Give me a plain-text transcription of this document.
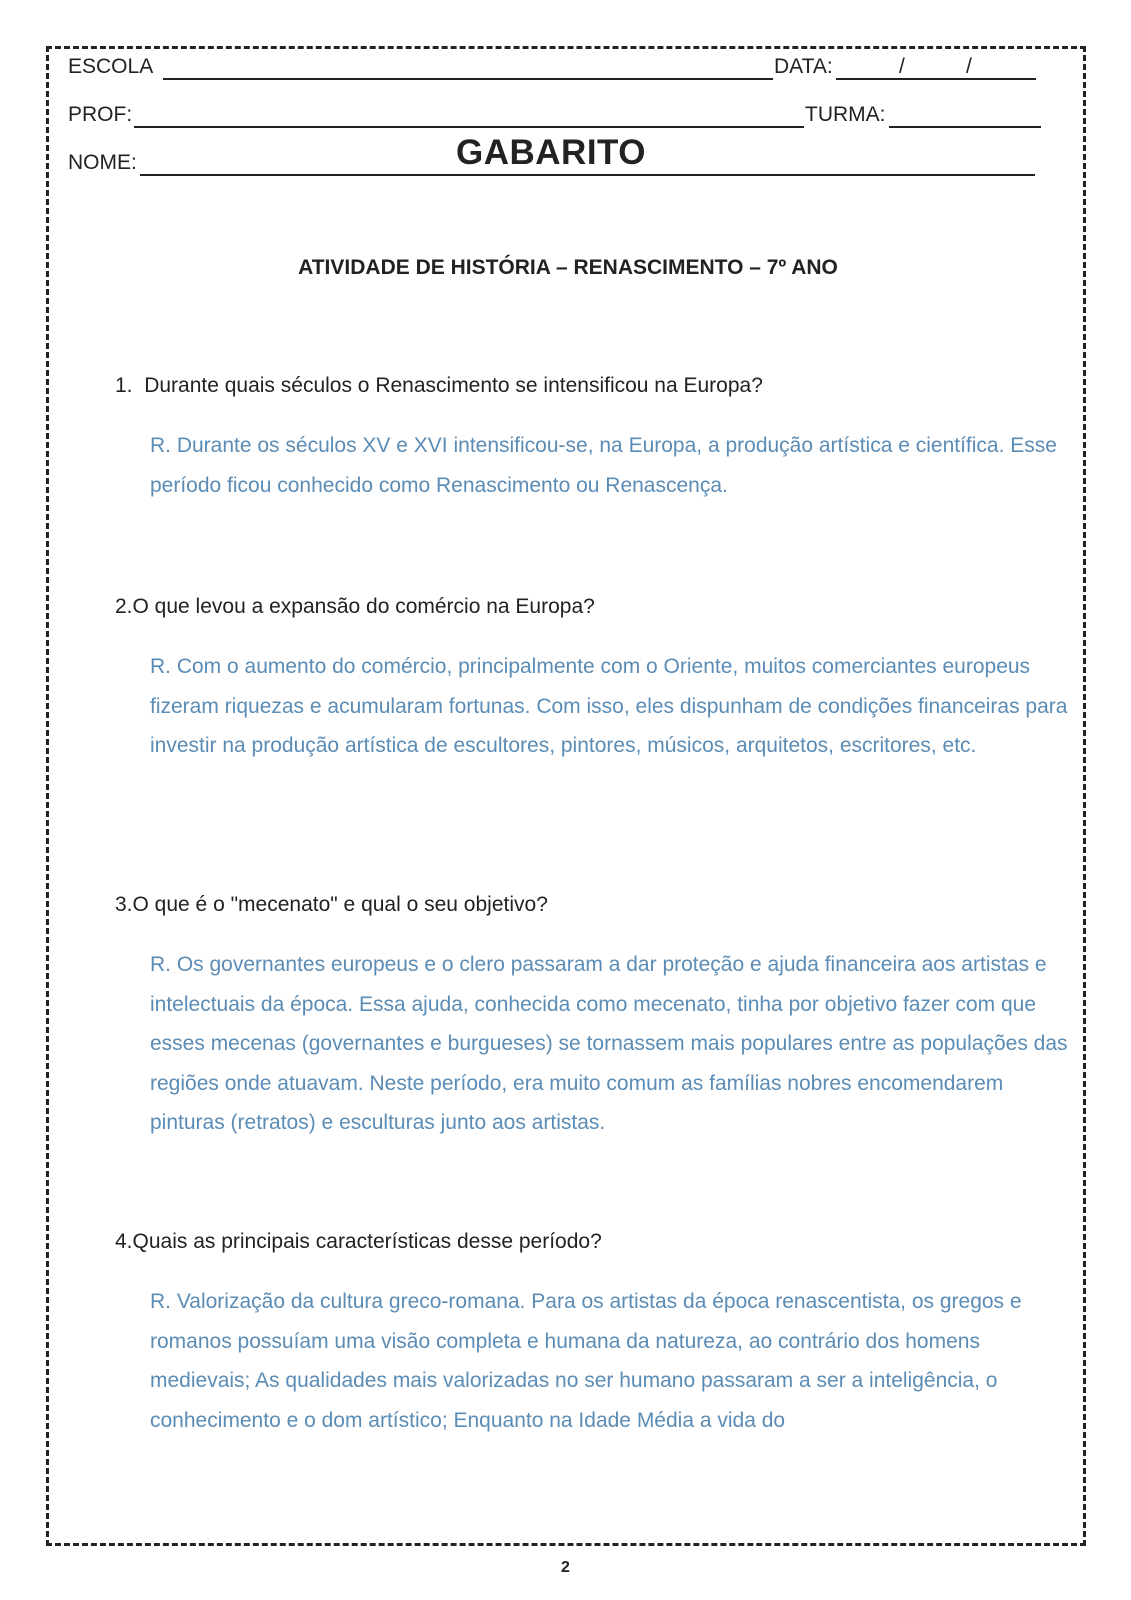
ESCOLA	DATA:	/	/
PROF:	TURMA:
NOME:	GABARITO
ATIVIDADE DE HISTÓRIA – RENASCIMENTO – 7º ANO
1. Durante quais séculos o Renascimento se intensificou na Europa?
R. Durante os séculos XV e XVI intensificou-se, na Europa, a produção artística e científica. Esse período ficou conhecido como Renascimento ou Renascença.
2.O que levou a expansão do comércio na Europa?
R. Com o aumento do comércio, principalmente com o Oriente, muitos comerciantes europeus fizeram riquezas e acumularam fortunas. Com isso, eles dispunham de condições financeiras para investir na produção artística de escultores, pintores, músicos, arquitetos, escritores, etc.
3.O que é o "mecenato" e qual o seu objetivo?
R. Os governantes europeus e o clero passaram a dar proteção e ajuda financeira aos artistas e intelectuais da época. Essa ajuda, conhecida como mecenato, tinha por objetivo fazer com que esses mecenas (governantes e burgueses) se tornassem mais populares entre as populações das regiões onde atuavam. Neste período, era muito comum as famílias nobres encomendarem pinturas (retratos) e esculturas junto aos artistas.
4.Quais as principais características desse período?
R. Valorização da cultura greco-romana. Para os artistas da época renascentista, os gregos e romanos possuíam uma visão completa e humana da natureza, ao contrário dos homens medievais; As qualidades mais valorizadas no ser humano passaram a ser a inteligência, o conhecimento e o dom artístico; Enquanto na Idade Média a vida do
2
